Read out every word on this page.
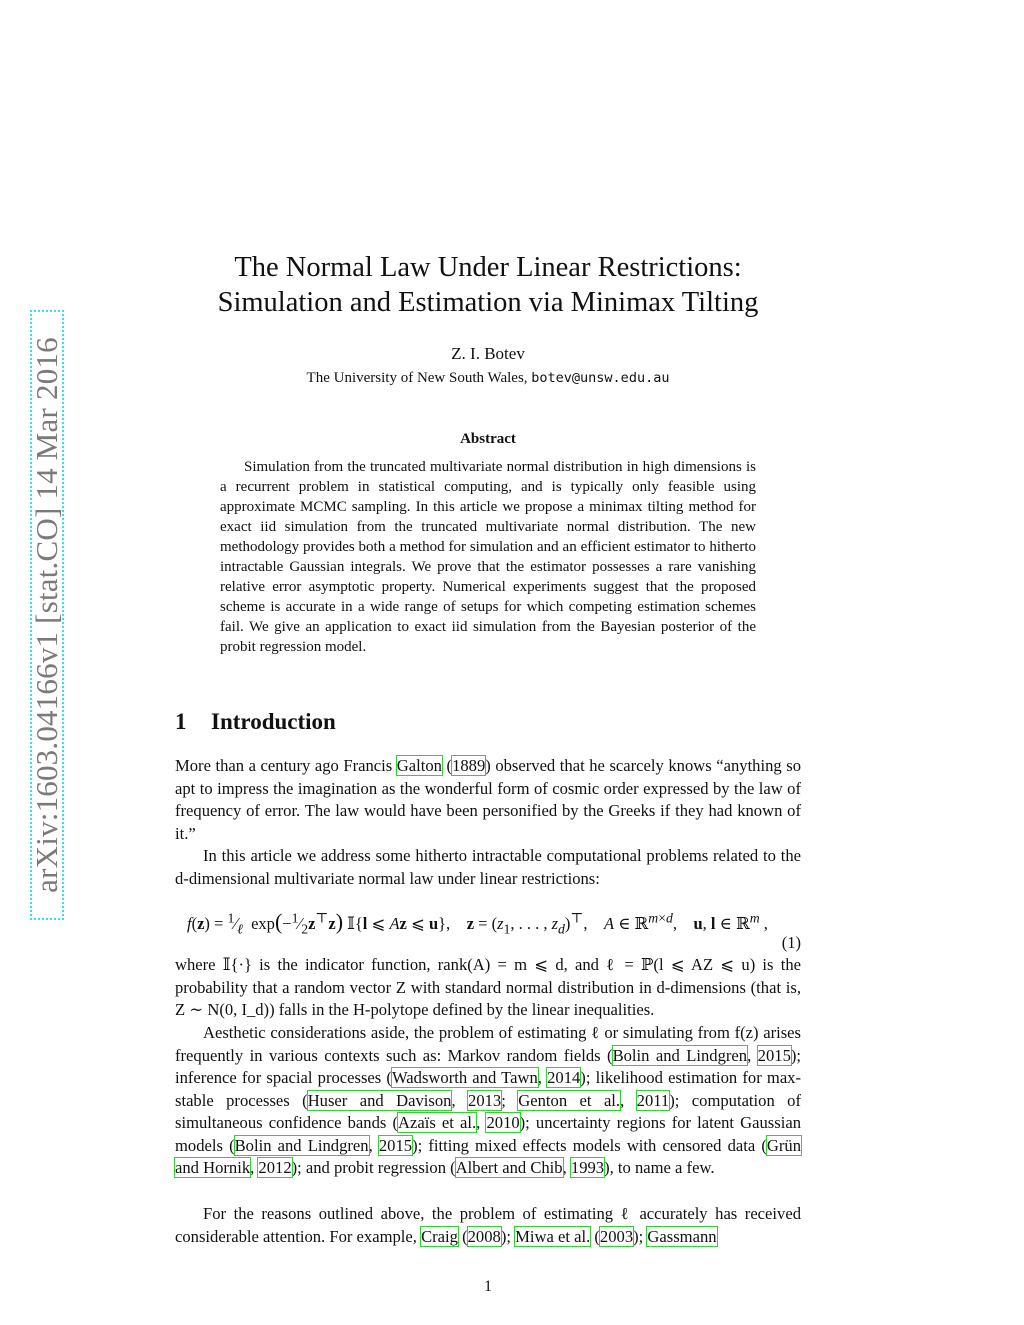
arXiv:1603.04166v1 [stat.CO] 14 Mar 2016
The Normal Law Under Linear Restrictions:
Simulation and Estimation via Minimax Tilting
Z. I. Botev
The University of New South Wales, botev@unsw.edu.au
Abstract
Simulation from the truncated multivariate normal distribution in high dimensions is a recurrent problem in statistical computing, and is typically only feasible using approximate MCMC sampling. In this article we propose a minimax tilting method for exact iid simulation from the truncated multivariate normal distribution. The new methodology provides both a method for simulation and an efficient estimator to hitherto intractable Gaussian integrals. We prove that the estimator possesses a rare vanishing relative error asymptotic property. Numerical experiments suggest that the proposed scheme is accurate in a wide range of setups for which competing estimation schemes fail. We give an application to exact iid simulation from the Bayesian posterior of the probit regression model.
1 Introduction
More than a century ago Francis Galton (1889) observed that he scarcely knows “anything so apt to impress the imagination as the wonderful form of cosmic order expressed by the law of frequency of error. The law would have been personified by the Greeks if they had known of it.”
In this article we address some hitherto intractable computational problems related to the d-dimensional multivariate normal law under linear restrictions:
$f(z) = ^1⁄_\ell$  $\exp(-^1⁄_2z^⊤z)$ 𝕀{l ⩽ Az ⩽ u},    $z = (z_1$, . . . , $z_d)^⊤$,    A ∈ ℝ$^{m\times d}$,    u, l ∈ ℝ$^m$ ,
(1)
where 𝕀{·} is the indicator function, rank(A) = m ⩽ d, and ℓ = ℙ(l ⩽ AZ ⩽ u) is the probability that a random vector Z with standard normal distribution in d-dimensions (that is, Z ∼ N(0, I_d)) falls in the H-polytope defined by the linear inequalities.
Aesthetic considerations aside, the problem of estimating ℓ or simulating from f(z) arises frequently in various contexts such as: Markov random fields (Bolin and Lindgren, 2015); inference for spacial processes (Wadsworth and Tawn, 2014); likelihood estimation for max-stable processes (Huser and Davison, 2013; Genton et al., 2011); computation of simultaneous confidence bands (Azaïs et al., 2010); uncertainty regions for latent Gaussian models (Bolin and Lindgren, 2015); fitting mixed effects models with censored data (Grün and Hornik, 2012); and probit regression (Albert and Chib, 1993), to name a few.
For the reasons outlined above, the problem of estimating ℓ accurately has received considerable attention. For example, Craig (2008); Miwa et al. (2003); Gassmann
1
